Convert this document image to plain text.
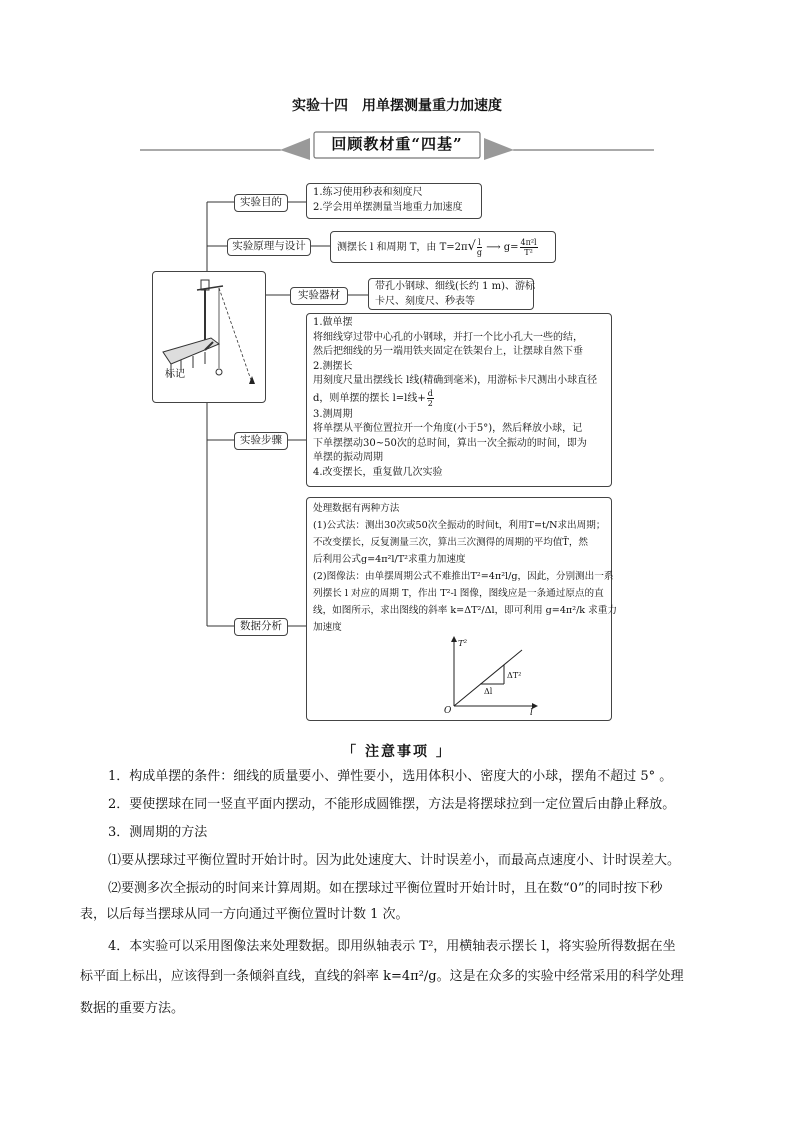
实验十四　用单摆测量重力加速度
回顾教材重“四基”
标记
实验目的
实验原理与设计
实验器材
实验步骤
数据分析
1.练习使用秒表和刻度尺
2.学会用单摆测量当地重力加速度
测摆长 l 和周期 T，由 $T=2\pi√ \frac{l}{g}$ ⟶ $g= \frac{\text{4π²l}}{\text{T²}}$
带孔小钢球、细线(长约 1 m)、游标
卡尺、刻度尺、秒表等
1.做单摆
将细线穿过带中心孔的小钢球，并打一个比小孔大一些的结，
然后把细线的另一端用铁夹固定在铁架台上，让摆球自然下垂
2.测摆长
用刻度尺量出摆线长 l线(精确到毫米)，用游标卡尺测出小球直径
d，则单摆的摆长 l=l线+ $\frac{d}{2}$
3.测周期
将单摆从平衡位置拉开一个角度(小于5°)，然后释放小球，记
下单摆摆动30~50次的总时间，算出一次全振动的时间，即为
单摆的振动周期
4.改变摆长，重复做几次实验
处理数据有两种方法
(1)公式法：测出30次或50次全振动的时间t，利用T=t/N求出周期；
不改变摆长，反复测量三次，算出三次测得的周期的平均值T̄，然
后利用公式g=4π²l/T²求重力加速度
(2)图像法：由单摆周期公式不难推出T²=4π²l/g，因此，分别测出一系
列摆长 l 对应的周期 T，作出 T²-l 图像，图线应是一条通过原点的直
线，如图所示，求出图线的斜率 k=ΔT²/Δl，即可利用 g=4π²/k 求重力
加速度
O
T²
l
ΔT²
Δl
「 注意事项 」
1．构成单摆的条件：细线的质量要小、弹性要小，选用体积小、密度大的小球，摆角不超过 5° 。
2．要使摆球在同一竖直平面内摆动，不能形成圆锥摆，方法是将摆球拉到一定位置后由静止释放。
3．测周期的方法
⑴要从摆球过平衡位置时开始计时。因为此处速度大、计时误差小，而最高点速度小、计时误差大。
⑵要测多次全振动的时间来计算周期。如在摆球过平衡位置时开始计时，且在数“0”的同时按下秒
表，以后每当摆球从同一方向通过平衡位置时计数 1 次。
4．本实验可以采用图像法来处理数据。即用纵轴表示 T²，用横轴表示摆长 l，将实验所得数据在坐
标平面上标出，应该得到一条倾斜直线，直线的斜率 k=4π²/g。这是在众多的实验中经常采用的科学处理
数据的重要方法。
